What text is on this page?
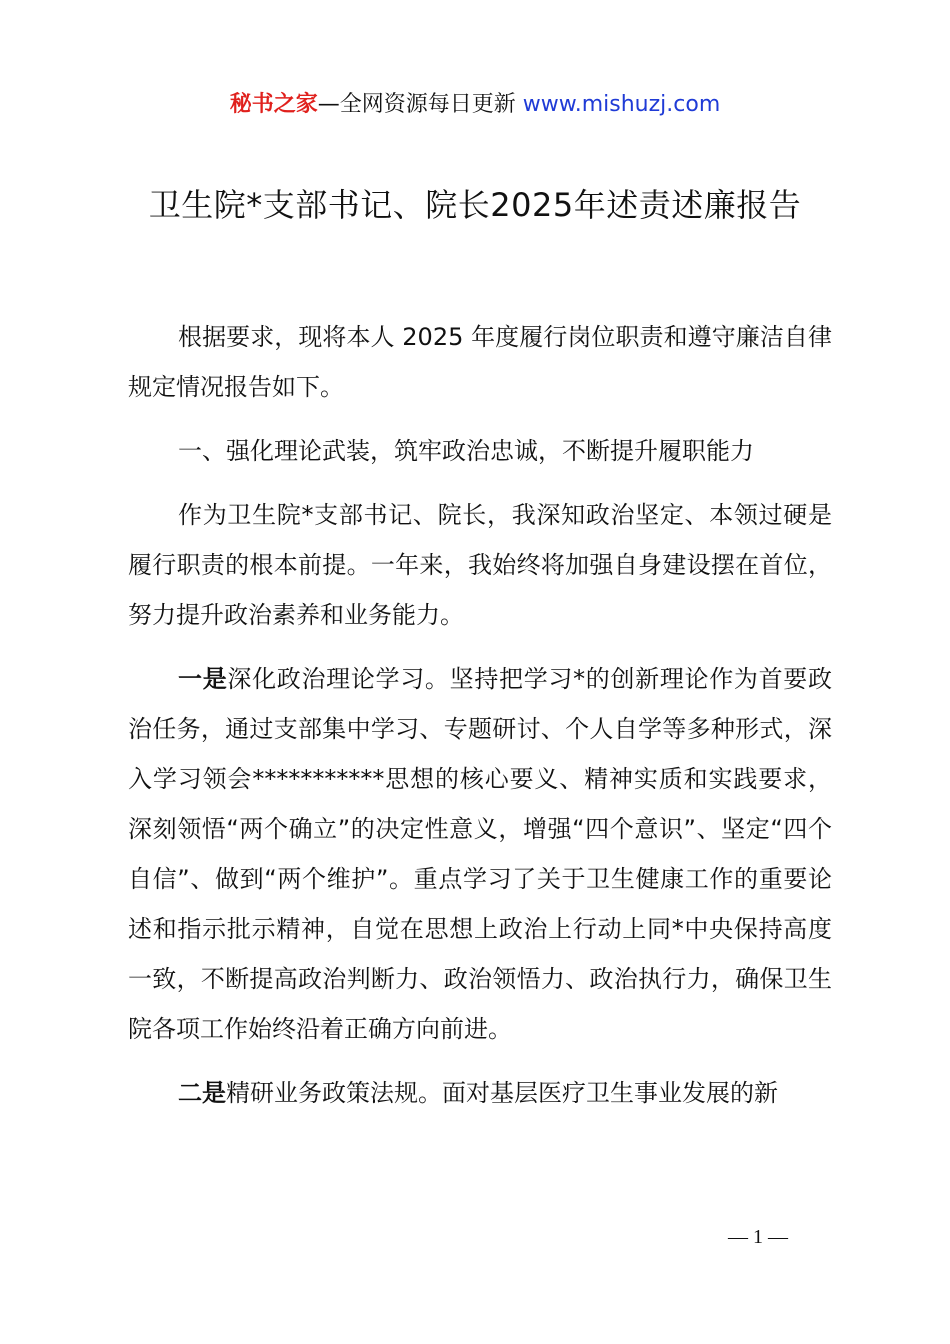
秘书之家—全网资源每日更新 www.mishuzj.com
卫生院*支部书记、院长2025年述责述廉报告

根据要求，现将本人 2025 年度履行岗位职责和遵守廉洁自律规定情况报告如下。

一、强化理论武装，筑牢政治忠诚，不断提升履职能力

作为卫生院*支部书记、院长，我深知政治坚定、本领过硬是履行职责的根本前提。一年来，我始终将加强自身建设摆在首位，努力提升政治素养和业务能力。

一是深化政治理论学习。坚持把学习*的创新理论作为首要政治任务，通过支部集中学习、专题研讨、个人自学等多种形式，深入学习领会***********思想的核心要义、精神实质和实践要求，深刻领悟“两个确立”的决定性意义，增强“四个意识”、坚定“四个自信”、做到“两个维护”。重点学习了关于卫生健康工作的重要论述和指示批示精神，自觉在思想上政治上行动上同*中央保持高度一致，不断提高政治判断力、政治领悟力、政治执行力，确保卫生院各项工作始终沿着正确方向前进。

二是精研业务政策法规。面对基层医疗卫生事业发展的新

— 1 —
